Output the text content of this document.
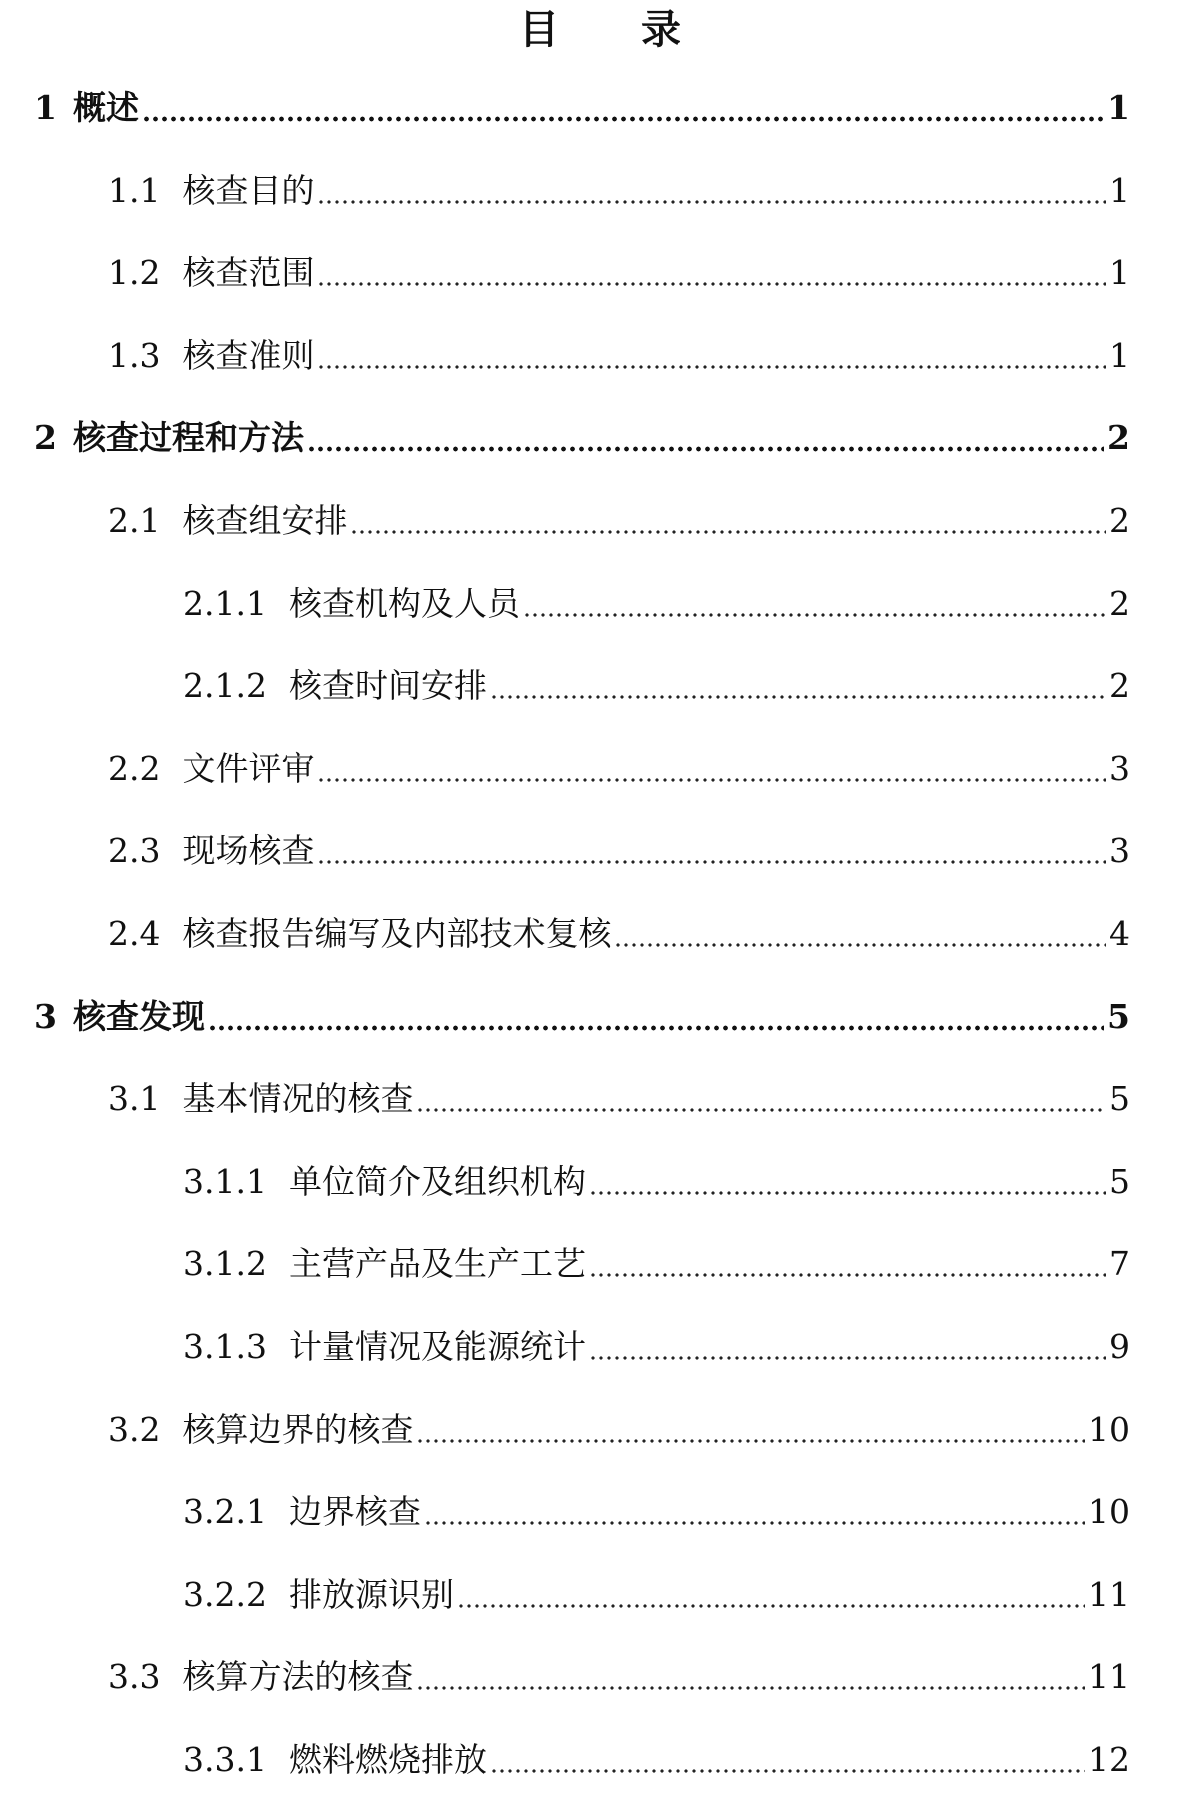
目 录
1 概述	1
1.1 核查目的	1
1.2 核查范围	1
1.3 核查准则	1
2 核查过程和方法	2
2.1 核查组安排	2
2.1.1 核查机构及人员	2
2.1.2 核查时间安排	2
2.2 文件评审	3
2.3 现场核查	3
2.4 核查报告编写及内部技术复核	4
3 核查发现	5
3.1 基本情况的核查	5
3.1.1 单位简介及组织机构	5
3.1.2 主营产品及生产工艺	7
3.1.3 计量情况及能源统计	9
3.2 核算边界的核查	10
3.2.1 边界核查	10
3.2.2 排放源识别	11
3.3 核算方法的核查	11
3.3.1 燃料燃烧排放	12
